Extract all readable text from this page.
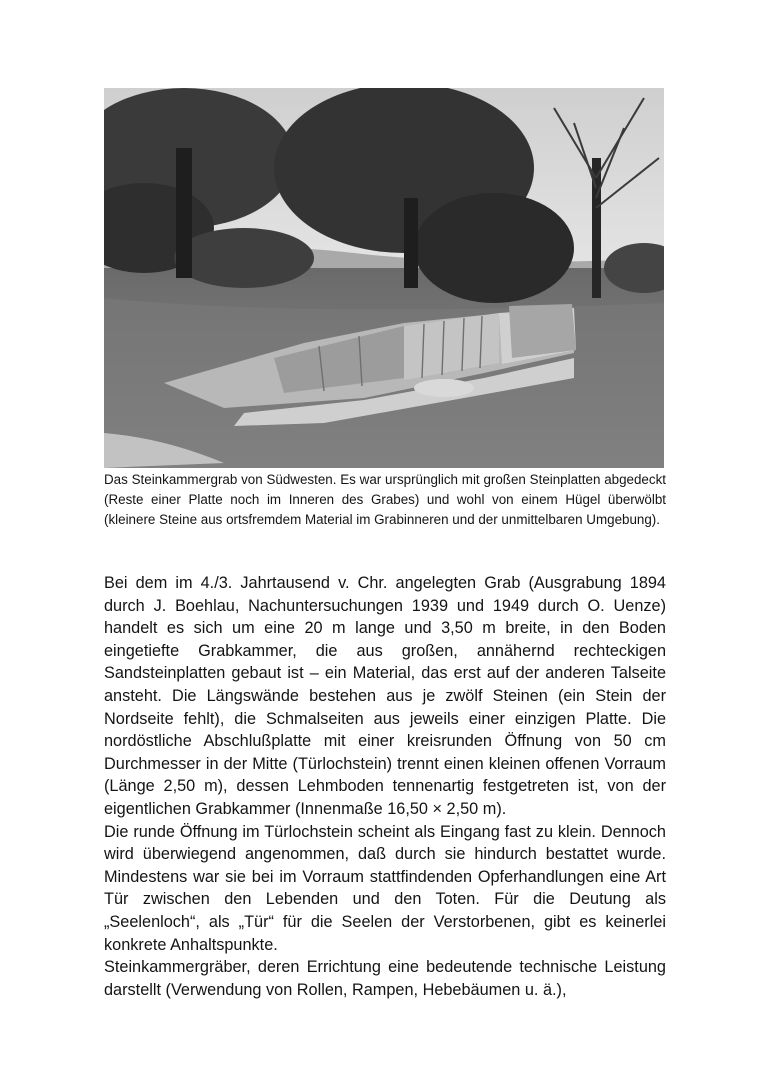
Das Steinkammergrab von Südwesten. Es war ursprünglich mit großen Steinplatten abgedeckt (Reste einer Platte noch im Inneren des Grabes) und wohl von einem Hügel überwölbt (kleinere Steine aus ortsfremdem Material im Grabinneren und der unmittelbaren Umgebung).

Bei dem im 4./3. Jahrtausend v. Chr. angelegten Grab (Ausgrabung 1894 durch J. Boehlau, Nachuntersuchungen 1939 und 1949 durch O. Uenze) handelt es sich um eine 20 m lange und 3,50 m breite, in den Boden eingetiefte Grabkammer, die aus großen, annähernd rechteckigen Sandsteinplatten gebaut ist – ein Material, das erst auf der anderen Talseite ansteht. Die Längswände bestehen aus je zwölf Steinen (ein Stein der Nordseite fehlt), die Schmalseiten aus jeweils einer einzigen Platte. Die nordöstliche Abschlußplatte mit einer kreisrunden Öffnung von 50 cm Durchmesser in der Mitte (Türlochstein) trennt einen kleinen offenen Vorraum (Länge 2,50 m), dessen Lehmboden tennenartig festgetreten ist, von der eigentlichen Grabkammer (Innenmaße 16,50 × 2,50 m).

Die runde Öffnung im Türlochstein scheint als Eingang fast zu klein. Dennoch wird überwiegend angenommen, daß durch sie hindurch bestattet wurde. Mindestens war sie bei im Vorraum stattfindenden Opferhandlungen eine Art Tür zwischen den Lebenden und den Toten. Für die Deutung als „Seelenloch“, als „Tür“ für die Seelen der Verstorbenen, gibt es keinerlei konkrete Anhaltspunkte.

Steinkammergräber, deren Errichtung eine bedeutende technische Leistung darstellt (Verwendung von Rollen, Rampen, Hebebäumen u. ä.),
